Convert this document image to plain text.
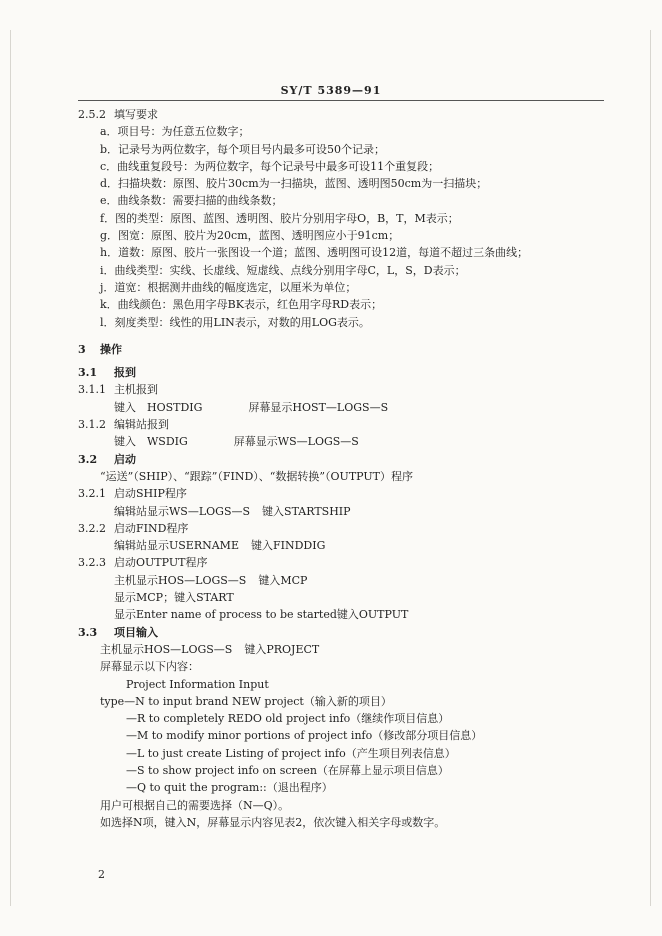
SY/T 5389—91
2.5.2 填写要求
a．项目号：为任意五位数字；
b．记录号为两位数字，每个项目号内最多可设50个记录；
c．曲线重复段号：为两位数字，每个记录号中最多可设11个重复段；
d．扫描块数：原图、胶片30cm为一扫描块，蓝图、透明图50cm为一扫描块；
e．曲线条数：需要扫描的曲线条数；
f．图的类型：原图、蓝图、透明图、胶片分别用字母O，B，T，M表示；
g．图宽：原图、胶片为20cm，蓝图、透明图应小于91cm；
h．道数：原图、胶片一张图设一个道；蓝图、透明图可设12道，每道不超过三条曲线；
i．曲线类型：实线、长虚线、短虚线、点线分别用字母C，L，S，D表示；
j．道宽：根据测井曲线的幅度选定，以厘米为单位；
k．曲线颜色：黑色用字母BK表示，红色用字母RD表示；
l．刻度类型：线性的用LIN表示，对数的用LOG表示。
3 操作
3.1 报到
3.1.1 主机报到
键入　HOSTDIG	屏幕显示HOST—LOGS—S
3.1.2 编辑站报到
键入　WSDIG	屏幕显示WS—LOGS—S
3.2 启动
“运送”（SHIP）、“跟踪”（FIND）、“数据转换”（OUTPUT）程序
3.2.1 启动SHIP程序
编辑站显示WS—LOGS—S 键入STARTSHIP
3.2.2 启动FIND程序
编辑站显示USERNAME 键入FINDDIG
3.2.3 启动OUTPUT程序
主机显示HOS—LOGS—S 键入MCP
显示MCP；键入START
显示Enter name of process to be started键入OUTPUT
3.3 项目输入
主机显示HOS—LOGS—S 键入PROJECT
屏幕显示以下内容：
Project Information Input
type—N to input brand NEW project（输入新的项目）
—R to completely REDO old project info（继续作项目信息）
—M to modify minor portions of project info（修改部分项目信息）
—L to just create Listing of project info（产生项目列表信息）
—S to show project info on screen（在屏幕上显示项目信息）
—Q to quit the program::（退出程序）
用户可根据自己的需要选择（N—Q）。
如选择N项，键入N，屏幕显示内容见表2，依次键入相关字母或数字。
2
